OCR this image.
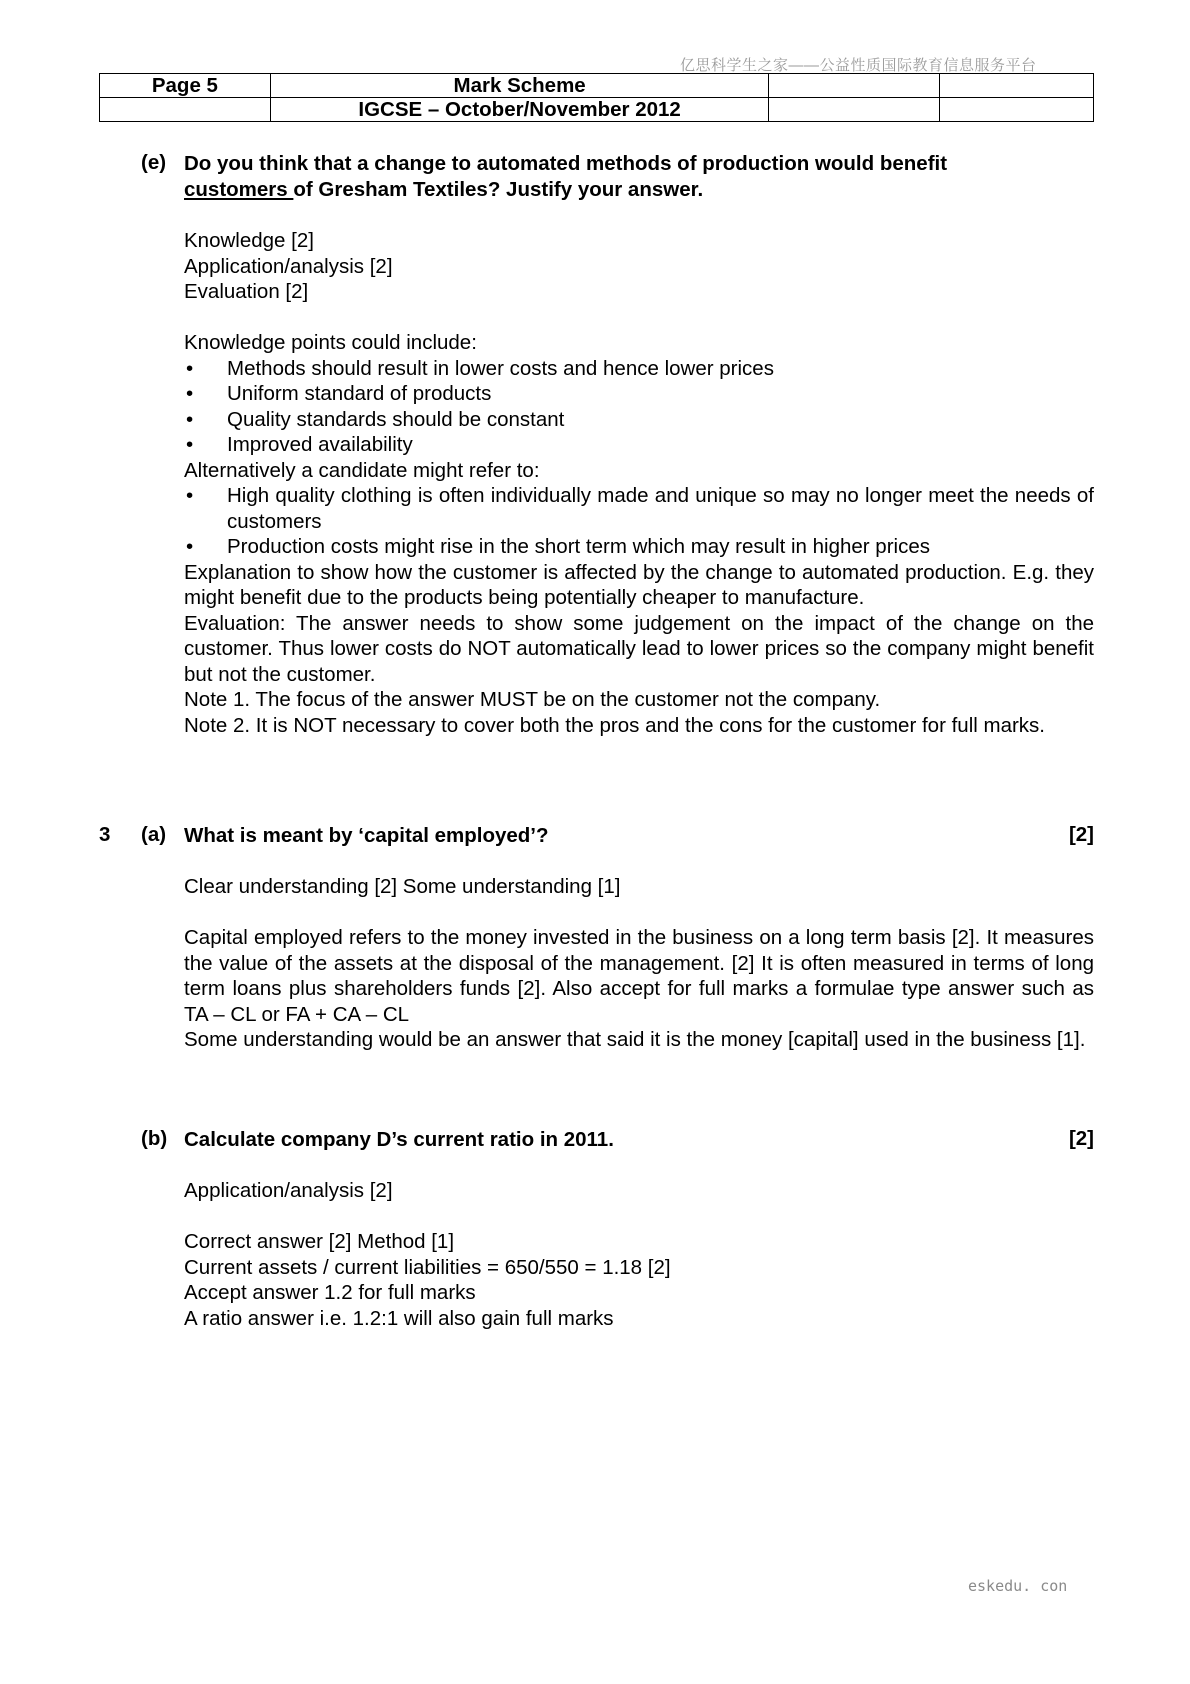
亿思科学生之家——公益性质国际教育信息服务平台
Page 5	Mark Scheme		
	IGCSE – October/November 2012		
(e) Do you think that a change to automated methods of production would benefit
customers of Gresham Textiles? Justify your answer.

Knowledge [2]

Application/analysis [2]

Evaluation [2]

Knowledge points could include:

• Methods should result in lower costs and hence lower prices
• Uniform standard of products
• Quality standards should be constant
• Improved availability

Alternatively a candidate might refer to:

• High quality clothing is often individually made and unique so may no longer meet the needs of customers
• Production costs might rise in the short term which may result in higher prices

Explanation to show how the customer is affected by the change to automated production. E.g. they might benefit due to the products being potentially cheaper to manufacture.

Evaluation: The answer needs to show some judgement on the impact of the change on the customer. Thus lower costs do NOT automatically lead to lower prices so the company might benefit but not the customer.

Note 1. The focus of the answer MUST be on the customer not the company.

Note 2. It is NOT necessary to cover both the pros and the cons for the customer for full marks.

3 (a) What is meant by ‘capital employed’?	[2]

Clear understanding [2] Some understanding [1]

Capital employed refers to the money invested in the business on a long term basis [2]. It measures the value of the assets at the disposal of the management. [2] It is often measured in terms of long term loans plus shareholders funds [2]. Also accept for full marks a formulae type answer such as TA – CL or FA + CA – CL

Some understanding would be an answer that said it is the money [capital] used in the business [1].

(b) Calculate company D’s current ratio in 2011.	[2]

Application/analysis [2]

Correct answer [2] Method [1]

Current assets / current liabilities = 650/550 = 1.18 [2]

Accept answer 1.2 for full marks

A ratio answer i.e. 1.2:1 will also gain full marks

eskedu. con
